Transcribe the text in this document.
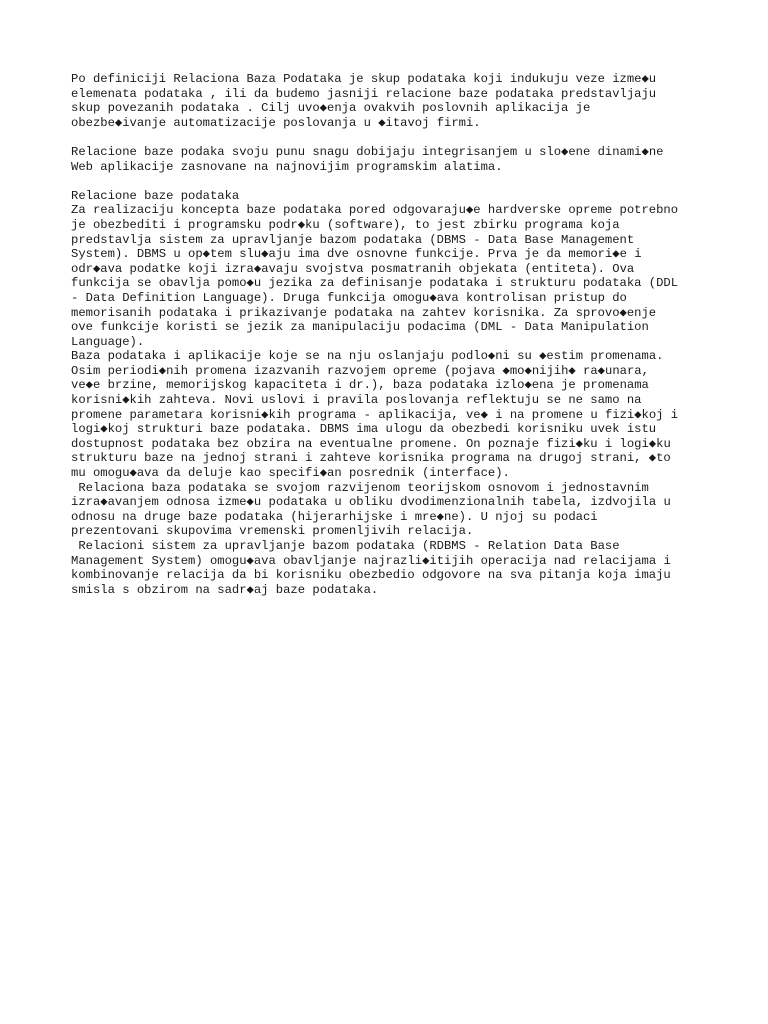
Po definiciji Relaciona Baza Podataka je skup podataka koji indukuju veze izme◆u
elemenata podataka , ili da budemo jasniji relacione baze podataka predstavljaju
skup povezanih podataka . Cilj uvo◆enja ovakvih poslovnih aplikacija je
obezbe◆ivanje automatizacije poslovanja u ◆itavoj firmi.
Relacione baze podaka svoju punu snagu dobijaju integrisanjem u slo◆ene dinami◆ne
Web aplikacije zasnovane na najnovijim programskim alatima.
Relacione baze podataka
Za realizaciju koncepta baze podataka pored odgovaraju◆e hardverske opreme potrebno
je obezbediti i programsku podr◆ku (software), to jest zbirku programa koja
predstavlja sistem za upravljanje bazom podataka (DBMS - Data Base Management
System). DBMS u op◆tem slu◆aju ima dve osnovne funkcije. Prva je da memori◆e i
odr◆ava podatke koji izra◆avaju svojstva posmatranih objekata (entiteta). Ova
funkcija se obavlja pomo◆u jezika za definisanje podataka i strukturu podataka (DDL
- Data Definition Language). Druga funkcija omogu◆ava kontrolisan pristup do
memorisanih podataka i prikazivanje podataka na zahtev korisnika. Za sprovo◆enje
ove funkcije koristi se jezik za manipulaciju podacima (DML - Data Manipulation
Language).
Baza podataka i aplikacije koje se na nju oslanjaju podlo◆ni su ◆estim promenama.
Osim periodi◆nih promena izazvanih razvojem opreme (pojava ◆mo◆nijih◆ ra◆unara,
ve◆e brzine, memorijskog kapaciteta i dr.), baza podataka izlo◆ena je promenama
korisni◆kih zahteva. Novi uslovi i pravila poslovanja reflektuju se ne samo na
promene parametara korisni◆kih programa - aplikacija, ve◆ i na promene u fizi◆koj i
logi◆koj strukturi baze podataka. DBMS ima ulogu da obezbedi korisniku uvek istu
dostupnost podataka bez obzira na eventualne promene. On poznaje fizi◆ku i logi◆ku
strukturu baze na jednoj strani i zahteve korisnika programa na drugoj strani, ◆to
mu omogu◆ava da deluje kao specifi◆an posrednik (interface).
Relaciona baza podataka se svojom razvijenom teorijskom osnovom i jednostavnim
izra◆avanjem odnosa izme◆u podataka u obliku dvodimenzionalnih tabela, izdvojila u
odnosu na druge baze podataka (hijerarhijske i mre◆ne). U njoj su podaci
prezentovani skupovima vremenski promenljivih relacija.
Relacioni sistem za upravljanje bazom podataka (RDBMS - Relation Data Base
Management System) omogu◆ava obavljanje najrazli◆itijih operacija nad relacijama i
kombinovanje relacija da bi korisniku obezbedio odgovore na sva pitanja koja imaju
smisla s obzirom na sadr◆aj baze podataka.
